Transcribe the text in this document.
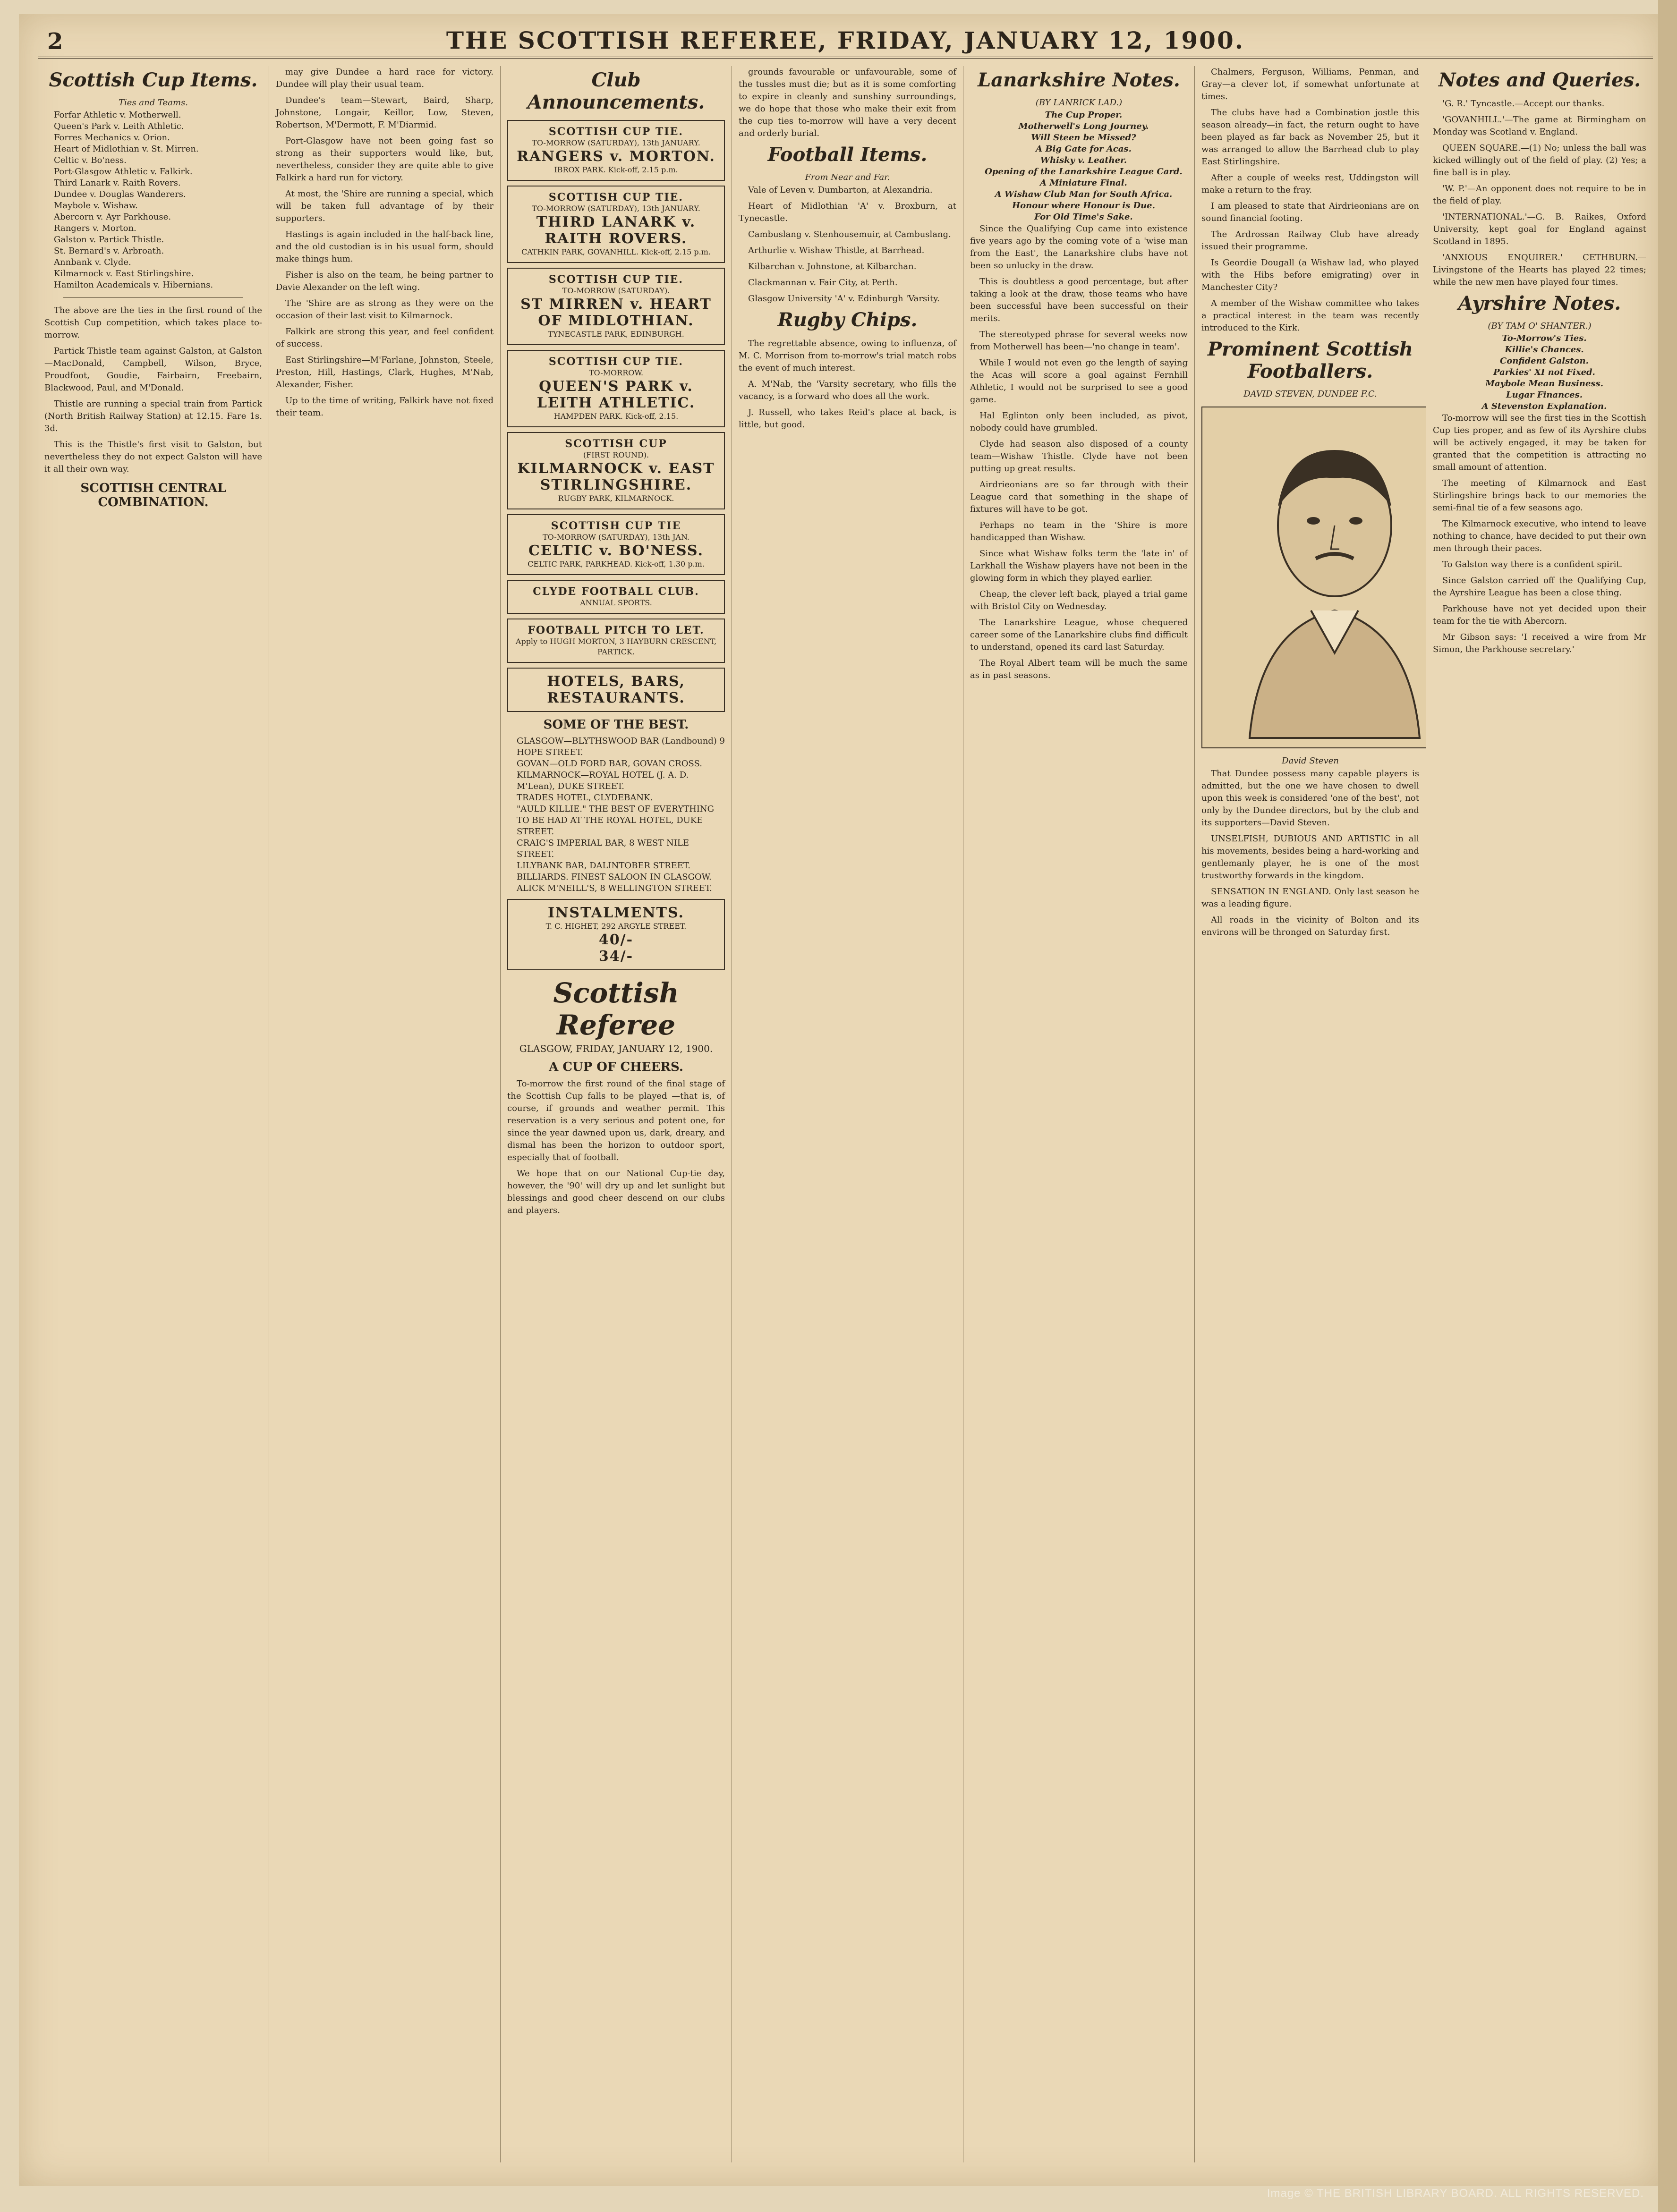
2	THE SCOTTISH REFEREE, FRIDAY, JANUARY 12, 1900.
Scottish Cup Items.
Ties and Teams.
Forfar Athletic v. Motherwell.
Queen's Park v. Leith Athletic.
Forres Mechanics v. Orion.
Heart of Midlothian v. St. Mirren.
Celtic v. Bo'ness.
Port-Glasgow Athletic v. Falkirk.
Third Lanark v. Raith Rovers.
Dundee v. Douglas Wanderers.
Maybole v. Wishaw.
Abercorn v. Ayr Parkhouse.
Rangers v. Morton.
Galston v. Partick Thistle.
St. Bernard's v. Arbroath.
Annbank v. Clyde.
Kilmarnock v. East Stirlingshire.
Hamilton Academicals v. Hibernians.

The above are the ties in the first round of the Scottish Cup competition, which takes place to-morrow.

Partick Thistle team against Galston, at Galston—MacDonald, Campbell, Wilson, Bryce, Proudfoot, Goudie, Fairbairn, Freebairn, Blackwood, Paul, and M'Donald.

Thistle are running a special train from Partick (North British Railway Station) at 12.15. Fare 1s. 3d.

This is the Thistle's first visit to Galston, but nevertheless they do not expect Galston will have it all their own way.

SCOTTISH CENTRAL COMBINATION.

may give Dundee a hard race for victory. Dundee will play their usual team.

Dundee's team—Stewart, Baird, Sharp, Johnstone, Longair, Keillor, Low, Steven, Robertson, M'Dermott, F. M'Diarmid.

Port-Glasgow have not been going fast so strong as their supporters would like, but, nevertheless, consider they are quite able to give Falkirk a hard run for victory.

At most, the 'Shire are running a special, which will be taken full advantage of by their supporters.

Hastings is again included in the half-back line, and the old custodian is in his usual form, should make things hum.

Fisher is also on the team, he being partner to Davie Alexander on the left wing.

The 'Shire are as strong as they were on the occasion of their last visit to Kilmarnock.

Falkirk are strong this year, and feel confident of success.

East Stirlingshire—M'Farlane, Johnston, Steele, Preston, Hill, Hastings, Clark, Hughes, M'Nab, Alexander, Fisher.

Up to the time of writing, Falkirk have not fixed their team.

Club Announcements.
SCOTTISH CUP TIE.
TO-MORROW (SATURDAY), 13th JANUARY.
RANGERS v. MORTON.
IBROX PARK. Kick-off, 2.15 p.m.
SCOTTISH CUP TIE.
TO-MORROW (SATURDAY), 13th JANUARY.
THIRD LANARK v. RAITH ROVERS.
CATHKIN PARK, GOVANHILL. Kick-off, 2.15 p.m.
SCOTTISH CUP TIE.
TO-MORROW (SATURDAY).
ST MIRREN v. HEART OF MIDLOTHIAN.
TYNECASTLE PARK, EDINBURGH.
SCOTTISH CUP TIE.
TO-MORROW.
QUEEN'S PARK v. LEITH ATHLETIC.
HAMPDEN PARK. Kick-off, 2.15.
SCOTTISH CUP
(FIRST ROUND).
KILMARNOCK v. EAST STIRLINGSHIRE.
RUGBY PARK, KILMARNOCK.
SCOTTISH CUP TIE
TO-MORROW (SATURDAY), 13th JAN.
CELTIC v. BO'NESS.
CELTIC PARK, PARKHEAD. Kick-off, 1.30 p.m.
CLYDE FOOTBALL CLUB.
ANNUAL SPORTS.
FOOTBALL PITCH TO LET.
Apply to HUGH MORTON, 3 HAYBURN CRESCENT, PARTICK.
HOTELS, BARS, RESTAURANTS.
SOME OF THE BEST.
GLASGOW—BLYTHSWOOD BAR (Landbound) 9 HOPE STREET.
GOVAN—OLD FORD BAR, GOVAN CROSS.
KILMARNOCK—ROYAL HOTEL (J. A. D. M'Lean), DUKE STREET.
TRADES HOTEL, CLYDEBANK.
"AULD KILLIE." THE BEST OF EVERYTHING TO BE HAD AT THE ROYAL HOTEL, DUKE STREET.
CRAIG'S IMPERIAL BAR, 8 WEST NILE STREET.
LILYBANK BAR, DALINTOBER STREET.
BILLIARDS. FINEST SALOON IN GLASGOW.
ALICK M'NEILL'S, 8 WELLINGTON STREET.
INSTALMENTS.
T. C. HIGHET, 292 ARGYLE STREET.
40/-
34/-
Scottish Referee
GLASGOW, FRIDAY, JANUARY 12, 1900.
A CUP OF CHEERS.

To-morrow the first round of the final stage of the Scottish Cup falls to be played —that is, of course, if grounds and weather permit. This reservation is a very serious and potent one, for since the year dawned upon us, dark, dreary, and dismal has been the horizon to outdoor sport, especially that of football.

We hope that on our National Cup-tie day, however, the '90' will dry up and let sunlight but blessings and good cheer descend on our clubs and players.

grounds favourable or unfavourable, some of the tussles must die; but as it is some comforting to expire in cleanly and sunshiny surroundings, we do hope that those who make their exit from the cup ties to-morrow will have a very decent and orderly burial.

Football Items.
From Near and Far.

Vale of Leven v. Dumbarton, at Alexandria.

Heart of Midlothian 'A' v. Broxburn, at Tynecastle.

Cambuslang v. Stenhousemuir, at Cambuslang.

Arthurlie v. Wishaw Thistle, at Barrhead.

Kilbarchan v. Johnstone, at Kilbarchan.

Clackmannan v. Fair City, at Perth.

Glasgow University 'A' v. Edinburgh 'Varsity.

Rugby Chips.

The regrettable absence, owing to influenza, of M. C. Morrison from to-morrow's trial match robs the event of much interest.

A. M'Nab, the 'Varsity secretary, who fills the vacancy, is a forward who does all the work.

J. Russell, who takes Reid's place at back, is little, but good.

Lanarkshire Notes.
(BY LANRICK LAD.)
The Cup Proper.
Motherwell's Long Journey.
Will Steen be Missed?
A Big Gate for Acas.
Whisky v. Leather.
Opening of the Lanarkshire League Card.
A Miniature Final.
A Wishaw Club Man for South Africa.
Honour where Honour is Due.
For Old Time's Sake.

Since the Qualifying Cup came into existence five years ago by the coming vote of a 'wise man from the East', the Lanarkshire clubs have not been so unlucky in the draw.

This is doubtless a good percentage, but after taking a look at the draw, those teams who have been successful have been successful on their merits.

The stereotyped phrase for several weeks now from Motherwell has been—'no change in team'.

While I would not even go the length of saying the Acas will score a goal against Fernhill Athletic, I would not be surprised to see a good game.

Hal Eglinton only been included, as pivot, nobody could have grumbled.

Clyde had season also disposed of a county team—Wishaw Thistle. Clyde have not been putting up great results.

Airdrieonians are so far through with their League card that something in the shape of fixtures will have to be got.

Perhaps no team in the 'Shire is more handicapped than Wishaw.

Since what Wishaw folks term the 'late in' of Larkhall the Wishaw players have not been in the glowing form in which they played earlier.

Cheap, the clever left back, played a trial game with Bristol City on Wednesday.

The Lanarkshire League, whose chequered career some of the Lanarkshire clubs find difficult to understand, opened its card last Saturday.

The Royal Albert team will be much the same as in past seasons.

Chalmers, Ferguson, Williams, Penman, and Gray—a clever lot, if somewhat unfortunate at times.

The clubs have had a Combination jostle this season already—in fact, the return ought to have been played as far back as November 25, but it was arranged to allow the Barrhead club to play East Stirlingshire.

After a couple of weeks rest, Uddingston will make a return to the fray.

I am pleased to state that Airdrieonians are on sound financial footing.

The Ardrossan Railway Club have already issued their programme.

Is Geordie Dougall (a Wishaw lad, who played with the Hibs before emigrating) over in Manchester City?

A member of the Wishaw committee who takes a practical interest in the team was recently introduced to the Kirk.

Prominent Scottish Footballers.
DAVID STEVEN, DUNDEE F.C.
David Steven

That Dundee possess many capable players is admitted, but the one we have chosen to dwell upon this week is considered 'one of the best', not only by the Dundee directors, but by the club and its supporters—David Steven.

UNSELFISH, DUBIOUS AND ARTISTIC in all his movements, besides being a hard-working and gentlemanly player, he is one of the most trustworthy forwards in the kingdom.

SENSATION IN ENGLAND. Only last season he was a leading figure.

All roads in the vicinity of Bolton and its environs will be thronged on Saturday first.

Notes and Queries.

'G. R.' Tyncastle.—Accept our thanks.

'GOVANHILL.'—The game at Birmingham on Monday was Scotland v. England.

QUEEN SQUARE.—(1) No; unless the ball was kicked willingly out of the field of play. (2) Yes; a fine ball is in play.

'W. P.'—An opponent does not require to be in the field of play.

'INTERNATIONAL.'—G. B. Raikes, Oxford University, kept goal for England against Scotland in 1895.

'ANXIOUS ENQUIRER.' CETHBURN.—Livingstone of the Hearts has played 22 times; while the new men have played four times.

Ayrshire Notes.
(BY TAM O' SHANTER.)
To-Morrow's Ties.
Killie's Chances.
Confident Galston.
Parkies' XI not Fixed.
Maybole Mean Business.
Lugar Finances.
A Stevenston Explanation.

To-morrow will see the first ties in the Scottish Cup ties proper, and as few of its Ayrshire clubs will be actively engaged, it may be taken for granted that the competition is attracting no small amount of attention.

The meeting of Kilmarnock and East Stirlingshire brings back to our memories the semi-final tie of a few seasons ago.

The Kilmarnock executive, who intend to leave nothing to chance, have decided to put their own men through their paces.

To Galston way there is a confident spirit.

Since Galston carried off the Qualifying Cup, the Ayrshire League has been a close thing.

Parkhouse have not yet decided upon their team for the tie with Abercorn.

Mr Gibson says: 'I received a wire from Mr Simon, the Parkhouse secretary.'

Image © THE BRITISH LIBRARY BOARD. ALL RIGHTS RESERVED.
